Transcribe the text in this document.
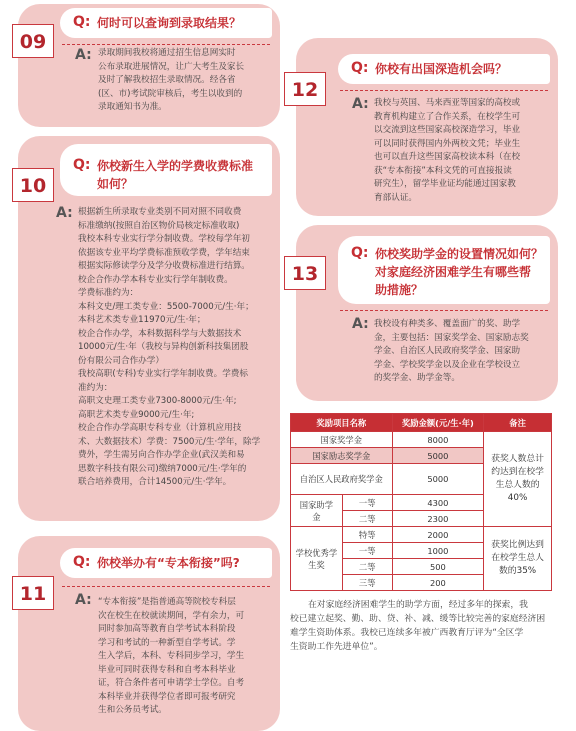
09
Q: 何时可以查询到录取结果？
A: 录取期间我校将通过招生信息网实时

公布录取进展情况，让广大考生及家长

及时了解我校招生录取情况。经各省

(区、市)考试院审核后，考生以收到的

录取通知书为准。

10
Q: 你校新生入学的学费收费标准
如何？
A: 根据新生所录取专业类别不同对照不同收费

标准缴纳(按照自治区物价局核定标准收取)

我校本科专业实行学分制收费。学校每学年初

依据该专业平均学费标准预收学费，学年结束

根据实际修读学分及学分收费标准进行结算。

校企合作办学本科专业实行学年制收费。

学费标准约为：

本科文史/理工类专业：5500-7000元/生·年；

本科艺术类专业11970元/生·年；

校企合作办学，本科数据科学与大数据技术

10000元/生·年（我校与异构创新科技集团股

份有限公司合作办学）

我校高职(专科)专业实行学年制收费。学费标

准约为：

高职文史理工类专业7300-8000元/生·年;

高职艺术类专业9000元/生·年;

校企合作办学高职专科专业（计算机应用技

术、大数据技术）学费：7500元/生·学年，除学

费外，学生需另向合作办学企业(武汉美和易

思数字科技有限公司)缴纳7000元/生·学年的

联合培养费用，合计14500元/生·学年。

11
Q: 你校举办有“专本衔接”吗?
A: “专本衔接”是指普通高等院校专科层

次在校生在校就读期间，学有余力，可

同时参加高等教育自学考试本科阶段

学习和考试的一种新型自学考试。学

生入学后，本科、专科同步学习，学生

毕业可同时获得专科和自考本科毕业

证，符合条件者可申请学士学位。自考

本科毕业并获得学位者即可报考研究

生和公务员考试。

12
Q: 你校有出国深造机会吗？
A: 我校与英国、马来西亚等国家的高校或

教育机构建立了合作关系，在校学生可

以交流到这些国家高校深造学习，毕业

可以同时获得国内外两校文凭；毕业生

也可以直升这些国家高校读本科（在校

获“专本衔接”本科文凭的可直接报读

研究生），留学毕业证均能通过国家教

育部认证。

13
Q: 你校奖助学金的设置情况如何？
对家庭经济困难学生有哪些帮
助措施？
A: 我校设有种类多、覆盖面广的奖、助学

金，主要包括：国家奖学金、国家励志奖

学金、自治区人民政府奖学金、国家助

学金、学校奖学金以及企业在学校设立

的奖学金、助学金等。

奖励项目名称		奖励金额(元/生·年)	备注
国家奖学金		8000	获奖人数总计约达到在校学生总人数的40%
国家励志奖学金		5000	
自治区人民政府奖学金		5000	
国家助学金	一等	4300	
	二等	2300	
学校优秀学生奖	特等	2000	获奖比例达到在校学生总人数的35%
	一等	1000	
	二等	500	
	三等	200	
在对家庭经济困难学生的助学方面，经过多年的探索，我
校已建立起奖、勤、助、贷、补、减、缓等比较完善的家庭经济困
难学生资助体系。我校已连续多年被广西教育厅评为“全区学
生资助工作先进单位”。
